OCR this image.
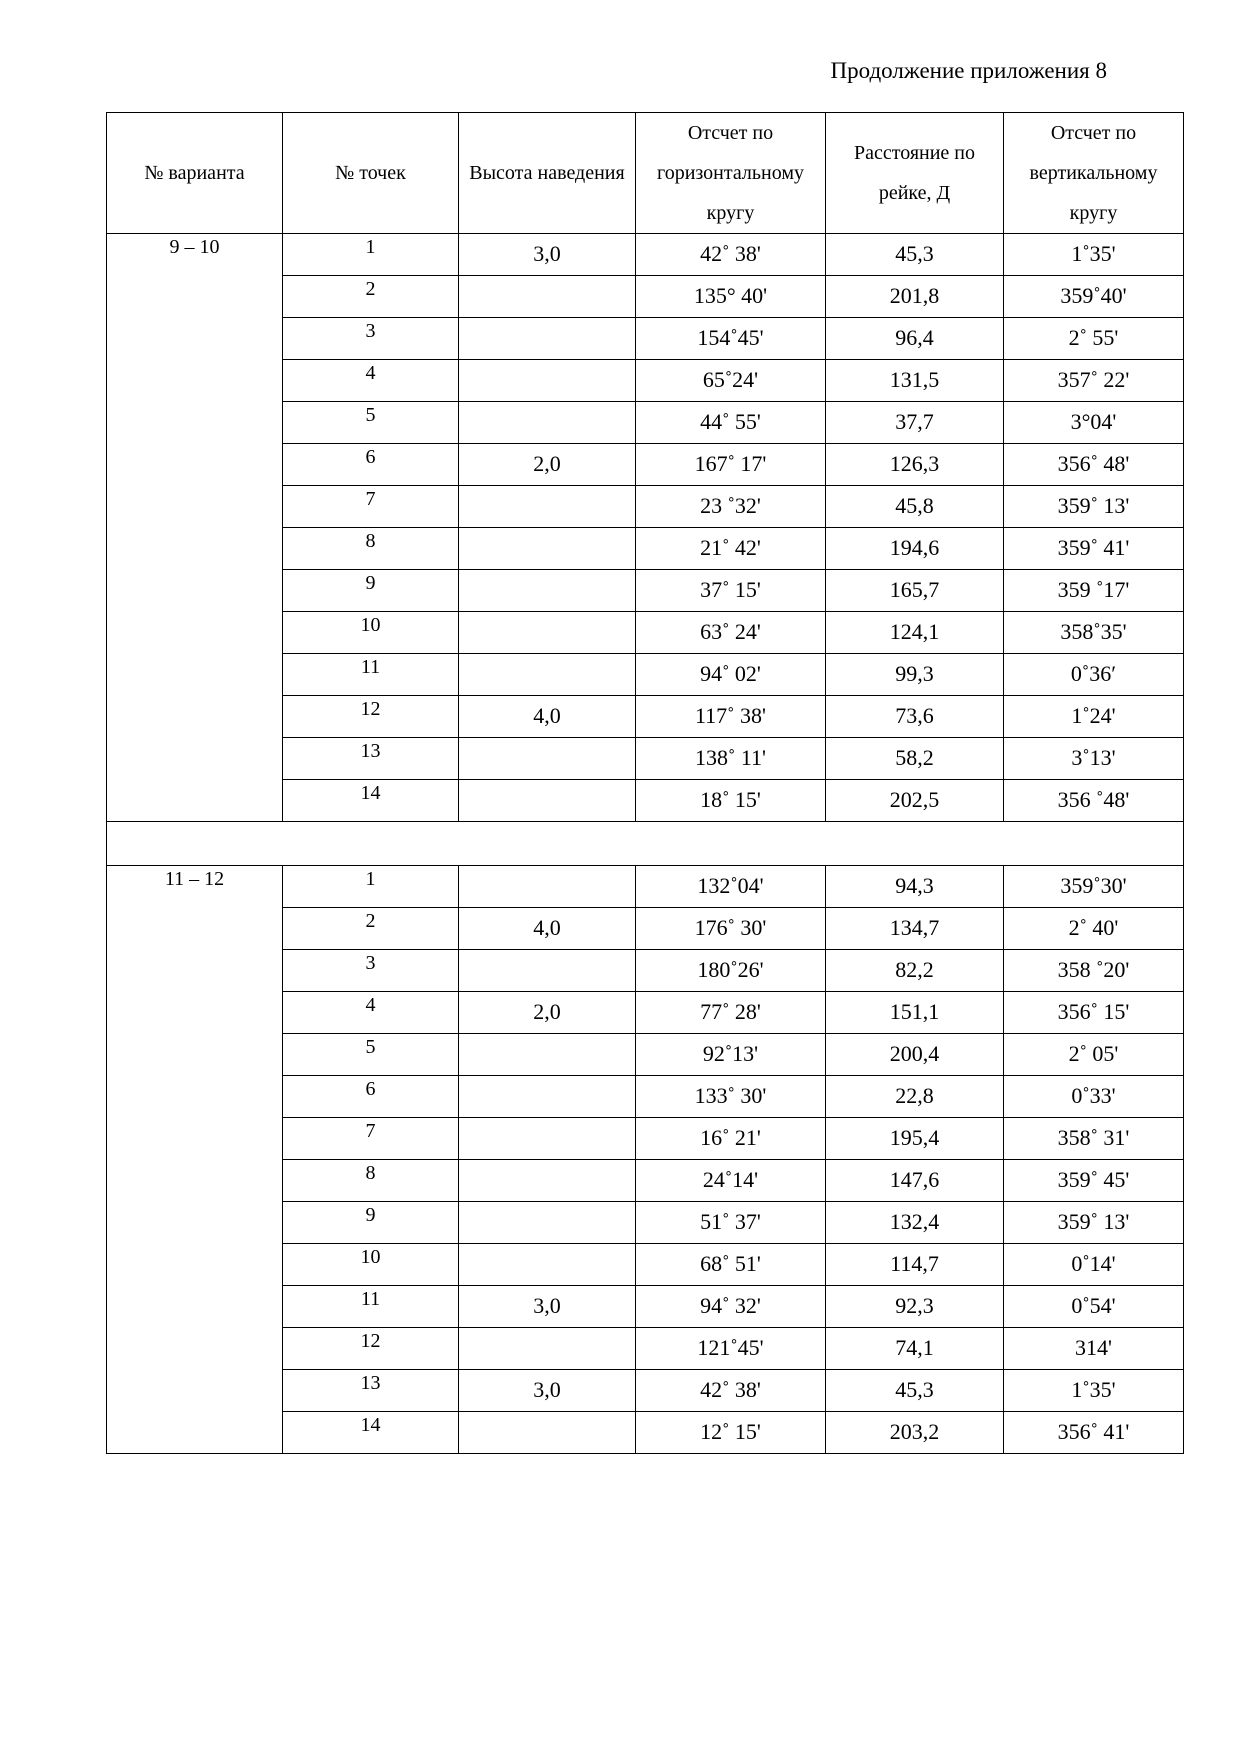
Продолжение приложения 8
№ варианта	№ точек	Высота наведения	Отсчет по горизонтальному кругу	Расстояние по рейке, Д	Отсчет по вертикальному кругу
9 – 10	1	3,0	42˚ 38'	45,3	1˚35'
	2		135° 40'	201,8	359˚40'
	3		154˚45'	96,4	2˚ 55'
	4		65˚24'	131,5	357˚ 22'
	5		44˚ 55'	37,7	3°04'
	6	2,0	167˚ 17'	126,3	356˚ 48'
	7		23 ˚32'	45,8	359˚ 13'
	8		21˚ 42'	194,6	359˚ 41'
	9		37˚ 15'	165,7	359 ˚17'
	10		63˚ 24'	124,1	358˚35'
	11		94˚ 02'	99,3	0˚36′
	12	4,0	117˚ 38'	73,6	1˚24'
	13		138˚ 11'	58,2	3˚13'
	14		18˚ 15'	202,5	356 ˚48'

11 – 12	1		132˚04'	94,3	359˚30'
	2	4,0	176˚ 30'	134,7	2˚ 40'
	3		180˚26'	82,2	358 ˚20'
	4	2,0	77˚ 28'	151,1	356˚ 15'
	5		92˚13'	200,4	2˚ 05'
	6		133˚ 30'	22,8	0˚33'
	7		16˚ 21'	195,4	358˚ 31'
	8		24˚14'	147,6	359˚ 45'
	9		51˚ 37'	132,4	359˚ 13'
	10		68˚ 51'	114,7	0˚14'
	11	3,0	94˚ 32'	92,3	0˚54'
	12		121˚45'	74,1	314'
	13	3,0	42˚ 38'	45,3	1˚35'
	14		12˚ 15'	203,2	356˚ 41'
